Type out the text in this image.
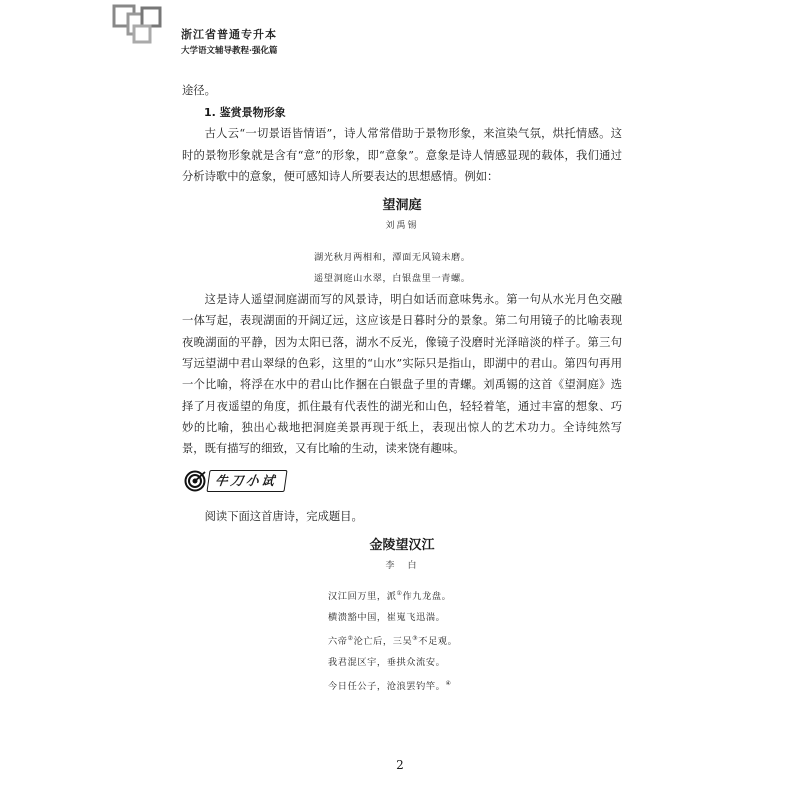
浙江省普通专升本
大学语文辅导教程·强化篇

途径。

1. 鉴赏景物形象

古人云“一切景语皆情语”，诗人常常借助于景物形象，来渲染气氛，烘托情感。这时的景物形象就是含有“意”的形象，即“意象”。意象是诗人情感显现的载体，我们通过分析诗歌中的意象，便可感知诗人所要表达的思想感情。例如：

望洞庭
刘禹锡
湖光秋月两相和，潭面无风镜未磨。
遥望洞庭山水翠，白银盘里一青螺。

这是诗人遥望洞庭湖而写的风景诗，明白如话而意味隽永。第一句从水光月色交融一体写起，表现湖面的开阔辽远，这应该是日暮时分的景象。第二句用镜子的比喻表现夜晚湖面的平静，因为太阳已落，湖水不反光，像镜子没磨时光泽暗淡的样子。第三句写远望湖中君山翠绿的色彩，这里的“山水”实际只是指山，即湖中的君山。第四句再用一个比喻，将浮在水中的君山比作捆在白银盘子里的青螺。刘禹锡的这首《望洞庭》选择了月夜遥望的角度，抓住最有代表性的湖光和山色，轻轻着笔，通过丰富的想象、巧妙的比喻，独出心裁地把洞庭美景再现于纸上，表现出惊人的艺术功力。全诗纯然写景，既有描写的细致，又有比喻的生动，读来饶有趣味。

牛刀小试

阅读下面这首唐诗，完成题目。

金陵望汉江
李　白
汉江回万里，派①作九龙盘。
横溃豁中国，崔嵬飞迅湍。
六帝②沦亡后，三吴③不足观。
我君混区宇，垂拱众流安。
今日任公子，沧浪罢钓竿。④
2
